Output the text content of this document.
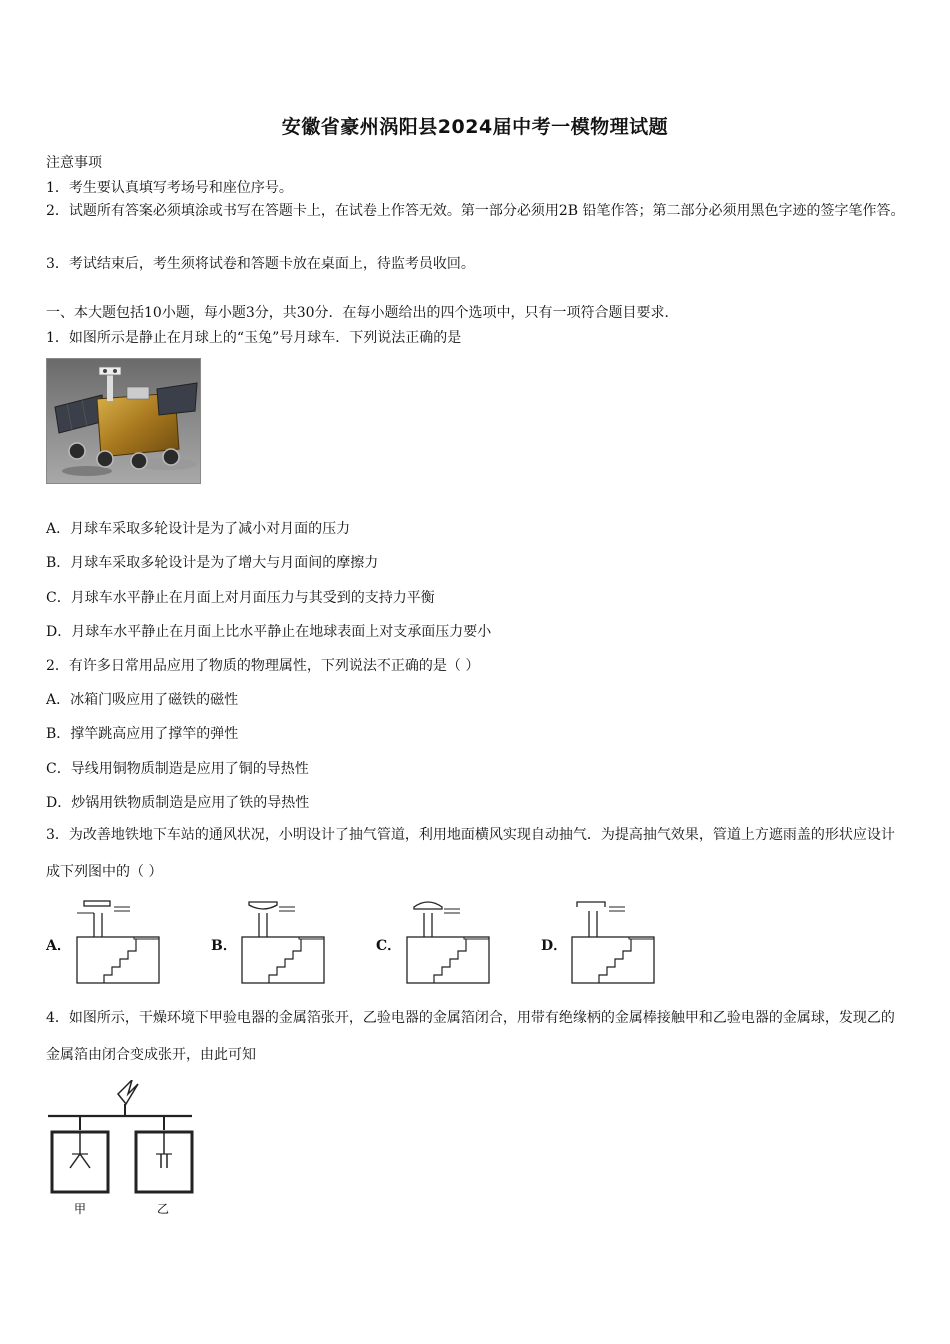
安徽省豪州涡阳县2024届中考一模物理试题
注意事项
1．考生要认真填写考场号和座位序号。
2．试题所有答案必须填涂或书写在答题卡上，在试卷上作答无效。第一部分必须用2B 铅笔作答；第二部分必须用黑色字迹的签字笔作答。
3．考试结束后，考生须将试卷和答题卡放在桌面上，待监考员收回。
一、本大题包括10小题，每小题3分，共30分．在每小题给出的四个选项中，只有一项符合题目要求．
1．如图所示是静止在月球上的“玉兔”号月球车．下列说法正确的是
A．月球车采取多轮设计是为了减小对月面的压力
B．月球车采取多轮设计是为了增大与月面间的摩擦力
C．月球车水平静止在月面上对月面压力与其受到的支持力平衡
D．月球车水平静止在月面上比水平静止在地球表面上对支承面压力要小
2．有许多日常用品应用了物质的物理属性，下列说法不正确的是（ ）
A．冰箱门吸应用了磁铁的磁性
B．撑竿跳高应用了撑竿的弹性
C．导线用铜物质制造是应用了铜的导热性
D．炒锅用铁物质制造是应用了铁的导热性
3．为改善地铁地下车站的通风状况，小明设计了抽气管道，利用地面横风实现自动抽气．为提高抽气效果，管道上方遮雨盖的形状应设计成下列图中的（ ）
A．	B．	C．	D．
4．如图所示，干燥环境下甲验电器的金属箔张开，乙验电器的金属箔闭合，用带有绝缘柄的金属棒接触甲和乙验电器的金属球，发现乙的金属箔由闭合变成张开，由此可知
甲	乙
